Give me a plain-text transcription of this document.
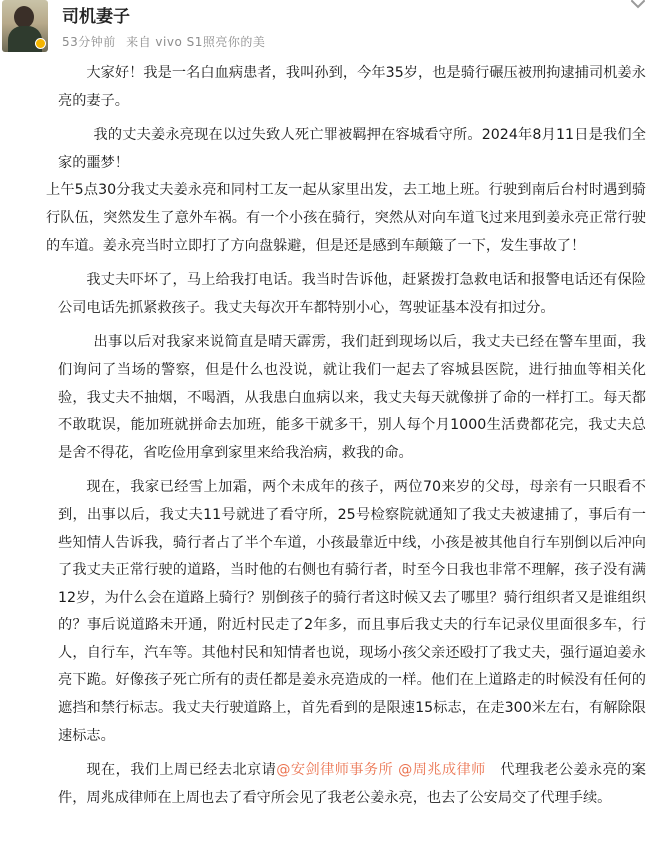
司机妻子
53分钟前 来自 vivo S1照亮你的美

大家好！我是一名白血病患者，我叫孙到，今年35岁，也是骑行碾压被刑拘逮捕司机姜永亮的妻子。

我的丈夫姜永亮现在以过失致人死亡罪被羁押在容城看守所。2024年8月11日是我们全家的噩梦！

上午5点30分我丈夫姜永亮和同村工友一起从家里出发，去工地上班。行驶到南后台村时遇到骑行队伍，突然发生了意外车祸。有一个小孩在骑行，突然从对向车道飞过来甩到姜永亮正常行驶的车道。姜永亮当时立即打了方向盘躲避，但是还是感到车颠簸了一下，发生事故了！

我丈夫吓坏了，马上给我打电话。我当时告诉他，赶紧拨打急救电话和报警电话还有保险公司电话先抓紧救孩子。我丈夫每次开车都特别小心，驾驶证基本没有扣过分。

出事以后对我家来说简直是晴天霹雳，我们赶到现场以后，我丈夫已经在警车里面，我们询问了当场的警察，但是什么也没说，就让我们一起去了容城县医院，进行抽血等相关化验，我丈夫不抽烟，不喝酒，从我患白血病以来，我丈夫每天就像拼了命的一样打工。每天都不敢耽误，能加班就拼命去加班，能多干就多干，别人每个月1000生活费都花完，我丈夫总是舍不得花，省吃俭用拿到家里来给我治病，救我的命。

现在，我家已经雪上加霜，两个未成年的孩子，两位70来岁的父母，母亲有一只眼看不到，出事以后，我丈夫11号就进了看守所，25号检察院就通知了我丈夫被逮捕了，事后有一些知情人告诉我，骑行者占了半个车道，小孩最靠近中线，小孩是被其他自行车别倒以后冲向了我丈夫正常行驶的道路，当时他的右侧也有骑行者，时至今日我也非常不理解，孩子没有满12岁，为什么会在道路上骑行？别倒孩子的骑行者这时候又去了哪里？骑行组织者又是谁组织的？事后说道路未开通，附近村民走了2年多，而且事后我丈夫的行车记录仪里面很多车，行人，自行车，汽车等。其他村民和知情者也说，现场小孩父亲还殴打了我丈夫，强行逼迫姜永亮下跪。好像孩子死亡所有的责任都是姜永亮造成的一样。他们在上道路走的时候没有任何的遮挡和禁行标志。我丈夫行驶道路上，首先看到的是限速15标志，在走300米左右，有解除限速标志。

现在，我们上周已经去北京请@安剑律师事务所 @周兆成律师　代理我老公姜永亮的案件，周兆成律师在上周也去了看守所会见了我老公姜永亮，也去了公安局交了代理手续。
